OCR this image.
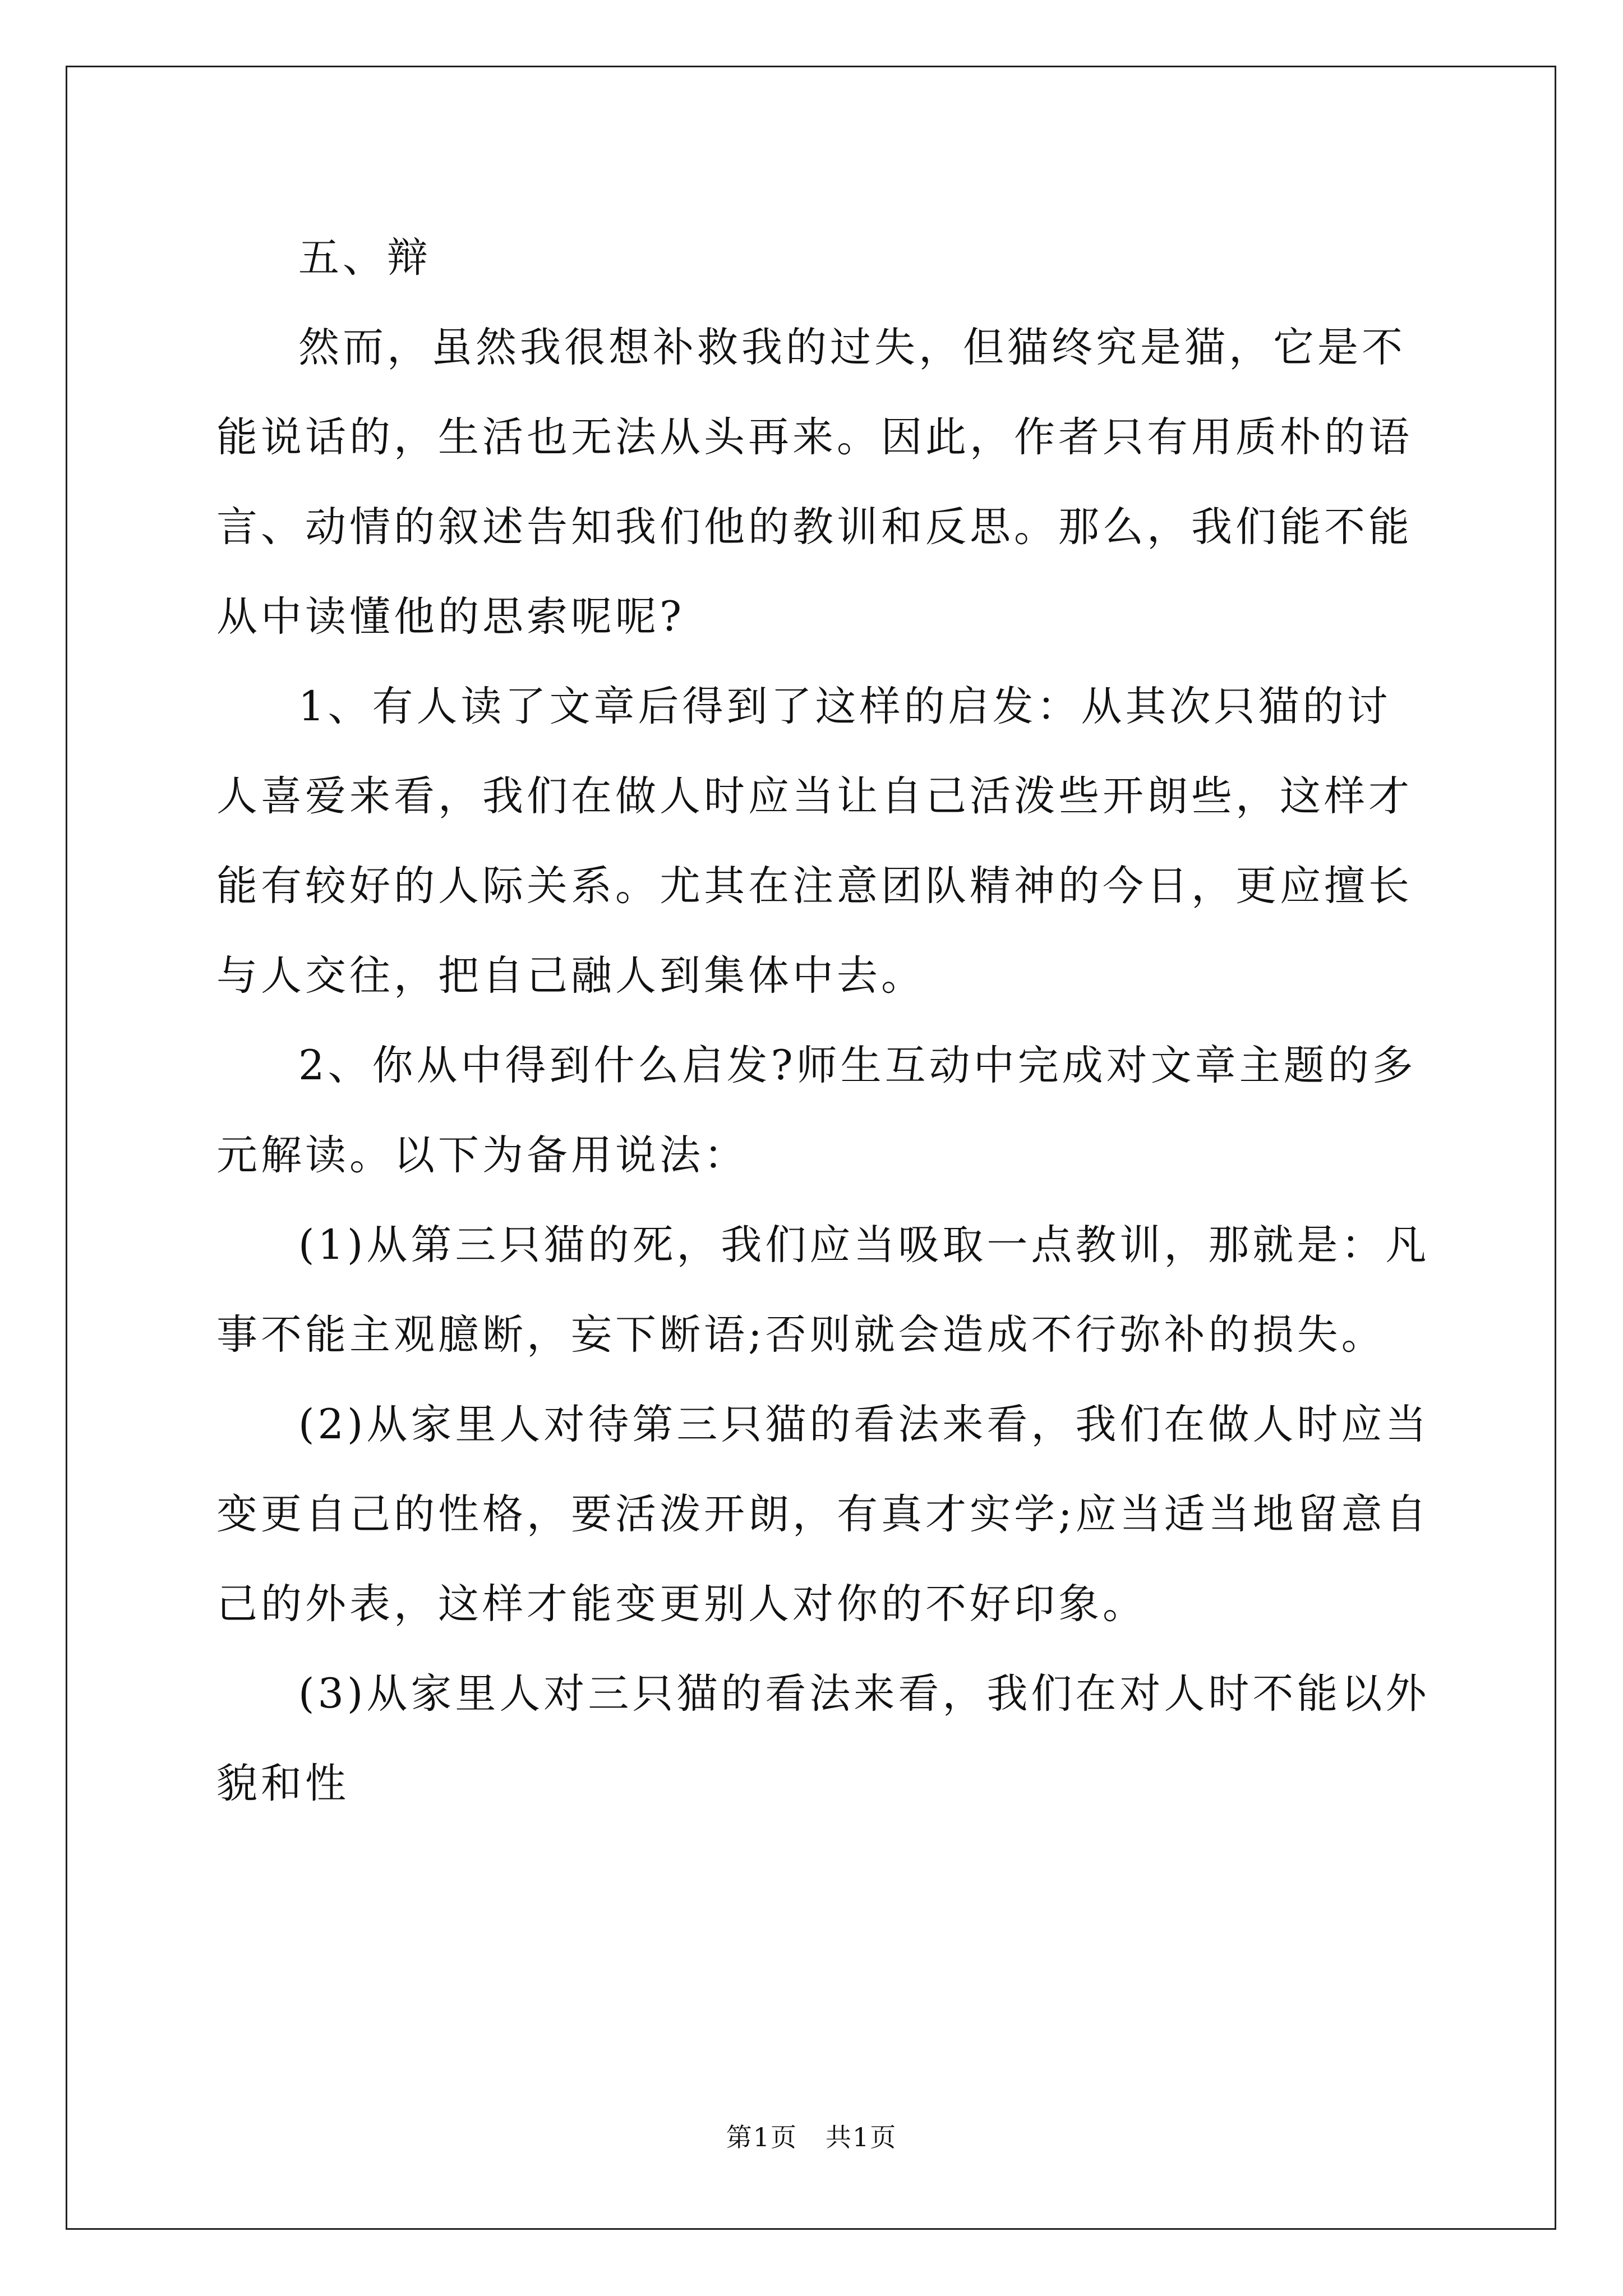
五、辩

然而，虽然我很想补救我的过失，但猫终究是猫，它是不能说话的，生活也无法从头再来。因此，作者只有用质朴的语言、动情的叙述告知我们他的教训和反思。那么，我们能不能从中读懂他的思索呢呢?

1、有人读了文章后得到了这样的启发：从其次只猫的讨人喜爱来看，我们在做人时应当让自己活泼些开朗些，这样才能有较好的人际关系。尤其在注意团队精神的今日，更应擅长与人交往，把自己融人到集体中去。

2、你从中得到什么启发?师生互动中完成对文章主题的多元解读。以下为备用说法：

(1)从第三只猫的死，我们应当吸取一点教训，那就是：凡事不能主观臆断，妄下断语;否则就会造成不行弥补的损失。

(2)从家里人对待第三只猫的看法来看，我们在做人时应当变更自己的性格，要活泼开朗，有真才实学;应当适当地留意自己的外表，这样才能变更别人对你的不好印象。

(3)从家里人对三只猫的看法来看，我们在对人时不能以外貌和性

第1页 共1页
